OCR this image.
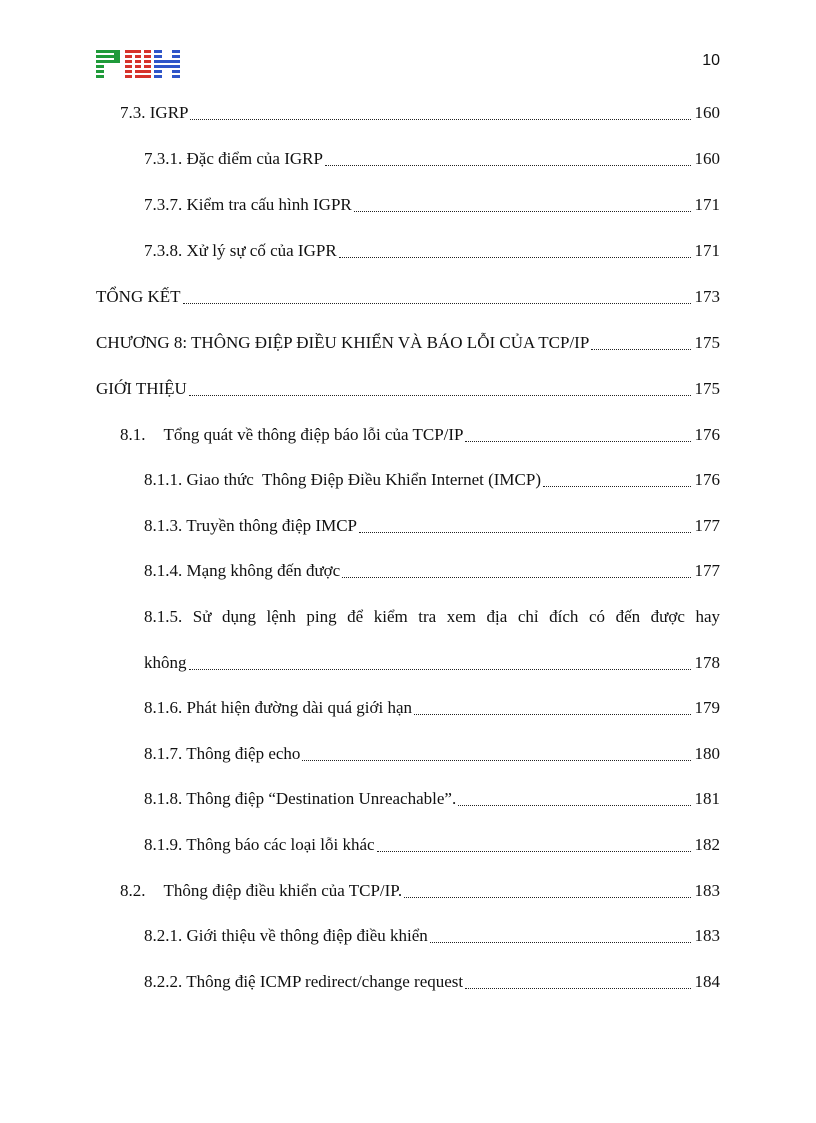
10
7.3. IGRP	160
7.3.1. Đặc điểm của IGRP	160
7.3.7. Kiểm tra cấu hình IGPR	171
7.3.8. Xử lý sự cố của IGPR	171
TỔNG KẾT	173
CHƯƠNG 8: THÔNG ĐIỆP ĐIỀU KHIỂN VÀ BÁO LỖI CỦA TCP/IP	175
GIỚI THIỆU	175
8.1. Tổng quát về thông điệp báo lỗi của TCP/IP	176
8.1.1. Giao thức  Thông Điệp Điều Khiển Internet (IMCP)	176
8.1.3. Truyền thông điệp IMCP	177
8.1.4. Mạng không đến được	177
8.1.5. Sử dụng lệnh ping để kiểm tra xem địa chỉ đích có đến được hay
không	178
8.1.6. Phát hiện đường dài quá giới hạn	179
8.1.7. Thông điệp echo	180
8.1.8. Thông điệp “Destination Unreachable”.	181
8.1.9. Thông báo các loại lỗi khác	182
8.2. Thông điệp điều khiển của TCP/IP.	183
8.2.1. Giới thiệu về thông điệp điều khiển	183
8.2.2. Thông điệ ICMP redirect/change request	184
